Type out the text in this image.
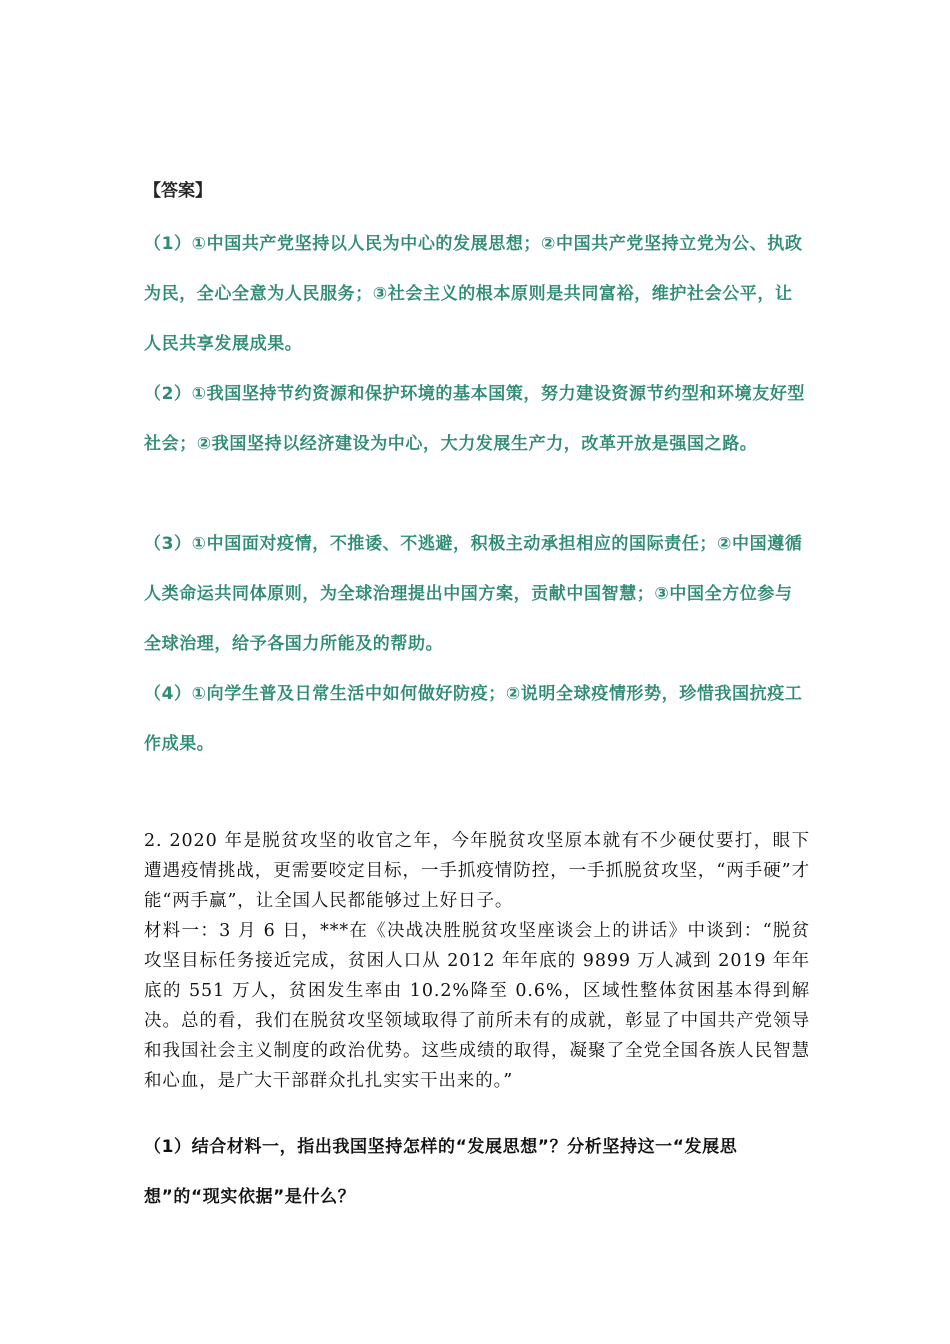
【答案】

（1）①中国共产党坚持以人民为中心的发展思想；②中国共产党坚持立党为公、执政为民，全心全意为人民服务；③社会主义的根本原则是共同富裕，维护社会公平，让人民共享发展成果。

（2）①我国坚持节约资源和保护环境的基本国策，努力建设资源节约型和环境友好型社会；②我国坚持以经济建设为中心，大力发展生产力，改革开放是强国之路。

（3）①中国面对疫情，不推诿、不逃避，积极主动承担相应的国际责任；②中国遵循人类命运共同体原则，为全球治理提出中国方案，贡献中国智慧；③中国全方位参与全球治理，给予各国力所能及的帮助。

（4）①向学生普及日常生活中如何做好防疫；②说明全球疫情形势，珍惜我国抗疫工作成果。

2. 2020 年是脱贫攻坚的收官之年，今年脱贫攻坚原本就有不少硬仗要打，眼下遭遇疫情挑战，更需要咬定目标，一手抓疫情防控，一手抓脱贫攻坚，“两手硬”才能“两手赢”，让全国人民都能够过上好日子。

材料一：3 月 6 日，***在《决战决胜脱贫攻坚座谈会上的讲话》中谈到：“脱贫攻坚目标任务接近完成，贫困人口从 2012 年年底的 9899 万人减到 2019 年年底的 551 万人，贫困发生率由 10.2%降至 0.6%，区域性整体贫困基本得到解决。总的看，我们在脱贫攻坚领域取得了前所未有的成就，彰显了中国共产党领导和我国社会主义制度的政治优势。这些成绩的取得，凝聚了全党全国各族人民智慧和心血，是广大干部群众扎扎实实干出来的。”

（1）结合材料一，指出我国坚持怎样的“发展思想”？分析坚持这一“发展思想”的“现实依据”是什么？
